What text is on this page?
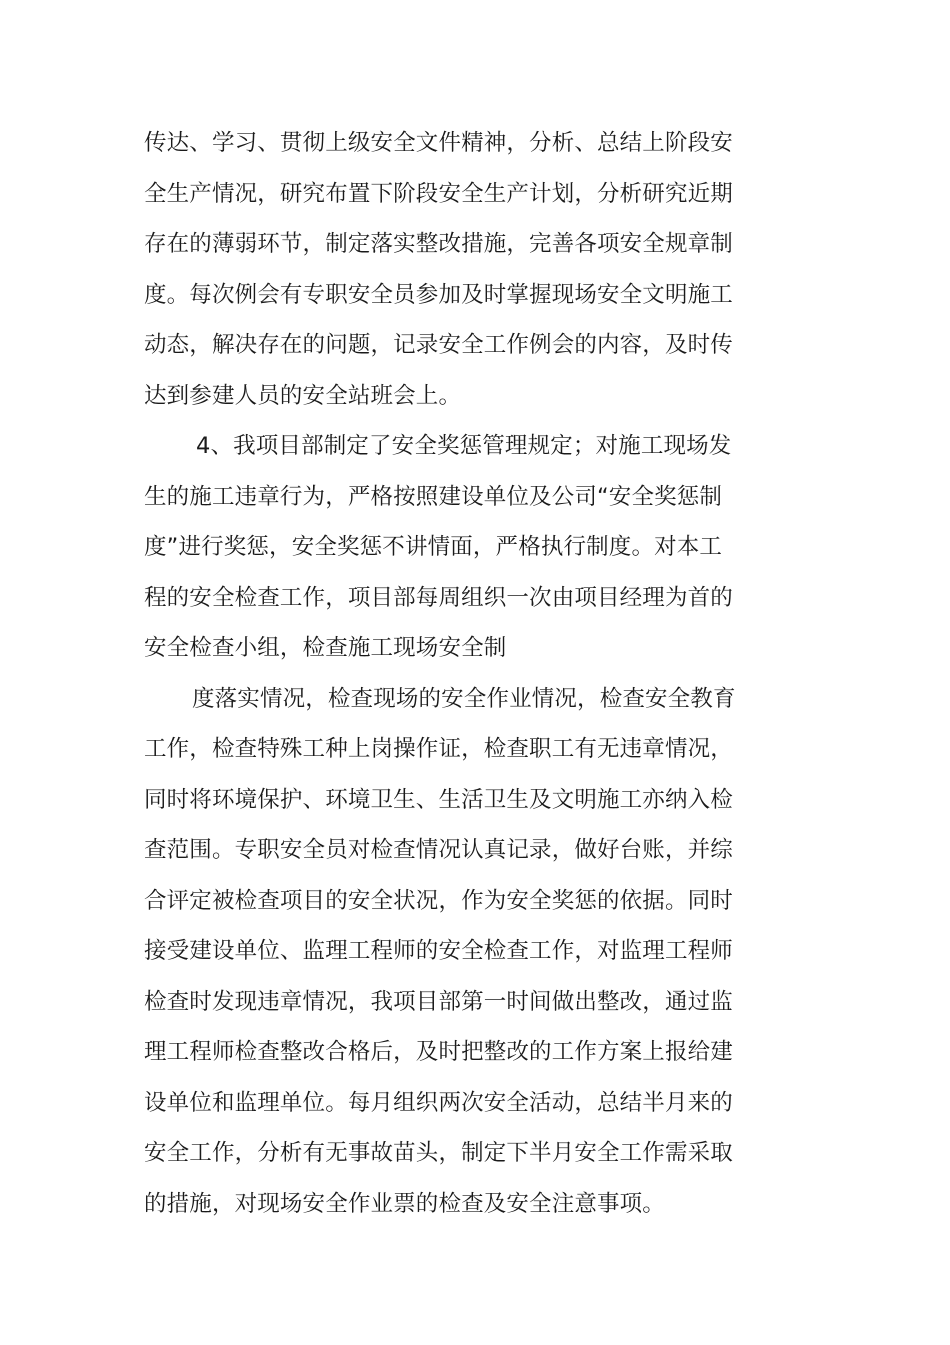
传达、学习、贯彻上级安全文件精神，分析、总结上阶段安
全生产情况，研究布置下阶段安全生产计划，分析研究近期
存在的薄弱环节，制定落实整改措施，完善各项安全规章制
度。每次例会有专职安全员参加及时掌握现场安全文明施工
动态，解决存在的问题，记录安全工作例会的内容，及时传
达到参建人员的安全站班会上。
4、我项目部制定了安全奖惩管理规定；对施工现场发
生的施工违章行为，严格按照建设单位及公司“安全奖惩制
度”进行奖惩，安全奖惩不讲情面，严格执行制度。对本工
程的安全检查工作，项目部每周组织一次由项目经理为首的
安全检查小组，检查施工现场安全制
度落实情况，检查现场的安全作业情况，检查安全教育
工作，检查特殊工种上岗操作证，检查职工有无违章情况，
同时将环境保护、环境卫生、生活卫生及文明施工亦纳入检
查范围。专职安全员对检查情况认真记录，做好台账，并综
合评定被检查项目的安全状况，作为安全奖惩的依据。同时
接受建设单位、监理工程师的安全检查工作，对监理工程师
检查时发现违章情况，我项目部第一时间做出整改，通过监
理工程师检查整改合格后，及时把整改的工作方案上报给建
设单位和监理单位。每月组织两次安全活动，总结半月来的
安全工作，分析有无事故苗头，制定下半月安全工作需采取
的措施，对现场安全作业票的检查及安全注意事项。
